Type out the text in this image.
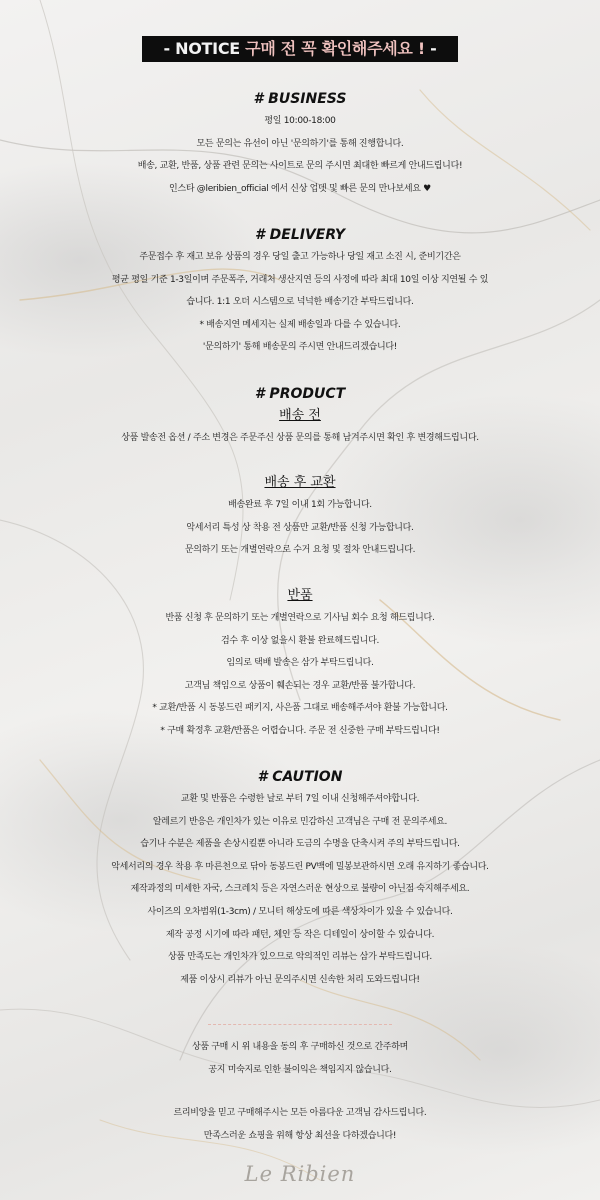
- NOTICE 구매 전 꼭 확인해주세요 ! -
# BUSINESS
평일 10:00-18:00
모든 문의는 유선이 아닌 '문의하기'를 통해 진행합니다.
배송, 교환, 반품, 상품 관련 문의는 사이트로 문의 주시면 최대한 빠르게 안내드립니다!
인스타 @leribien_official 에서 신상 업뎃 및 빠른 문의 만나보세요 ♥
# DELIVERY
주문접수 후 재고 보유 상품의 경우 당일 출고 가능하나 당일 재고 소진 시, 준비기간은
평균 평일 기준 1-3일이며 주문폭주, 거래처 생산지연 등의 사정에 따라 최대 10일 이상 지연될 수 있
습니다. 1:1 오더 시스템으로 넉넉한 배송기간 부탁드립니다.
* 배송지연 메세지는 실제 배송일과 다를 수 있습니다.
'문의하기' 통해 배송문의 주시면 안내드리겠습니다!
# PRODUCT
배송 전
상품 발송전 옵션 / 주소 변경은 주문주신 상품 문의를 통해 남겨주시면 확인 후 변경해드립니다.
배송 후 교환
배송완료 후 7일 이내 1회 가능합니다.
악세서리 특성 상 착용 전 상품만 교환/반품 신청 가능합니다.
문의하기 또는 개별연락으로 수거 요청 및 절차 안내드립니다.
반품
반품 신청 후 문의하기 또는 개별연락으로 기사님 회수 요청 해드립니다.
검수 후 이상 없을시 환불 완료해드립니다.
임의로 택배 발송은 삼가 부탁드립니다.
고객님 책임으로 상품이 훼손되는 경우 교환/반품 불가합니다.
* 교환/반품 시 동봉드린 패키지, 사은품 그대로 배송해주셔야 환불 가능합니다.
* 구매 확정후 교환/반품은 어렵습니다. 주문 전 신중한 구매 부탁드립니다!
# CAUTION
교환 및 반품은 수령한 날로 부터 7일 이내 신청해주셔야합니다.
알레르기 반응은 개인차가 있는 이유로 민감하신 고객님은 구매 전 문의주세요.
습기나 수분은 제품을 손상시킬뿐 아니라 도금의 수명을 단축시켜 주의 부탁드립니다.
악세서리의 경우 착용 후 마른천으로 닦아 동봉드린 PV백에 밀봉보관하시면 오래 유지하기 좋습니다.
제작과정의 미세한 자국, 스크레치 등은 자연스러운 현상으로 불량이 아닌점 숙지해주세요.
사이즈의 오차범위(1-3cm) / 모니터 해상도에 따른 색상차이가 있을 수 있습니다.
제작 공정 시기에 따라 패턴, 체인 등 작은 디테일이 상이할 수 있습니다.
상품 만족도는 개인차가 있으므로 악의적인 리뷰는 삼가 부탁드립니다.
제품 이상시 리뷰가 아닌 문의주시면 신속한 처리 도와드립니다!
상품 구매 시 위 내용을 동의 후 구매하신 것으로 간주하며
공지 미숙지로 인한 불이익은 책임지지 않습니다.
르리비앙을 믿고 구매해주시는 모든 아름다운 고객님 감사드립니다.
만족스러운 쇼핑을 위해 항상 최선을 다하겠습니다!
Le Ribien
